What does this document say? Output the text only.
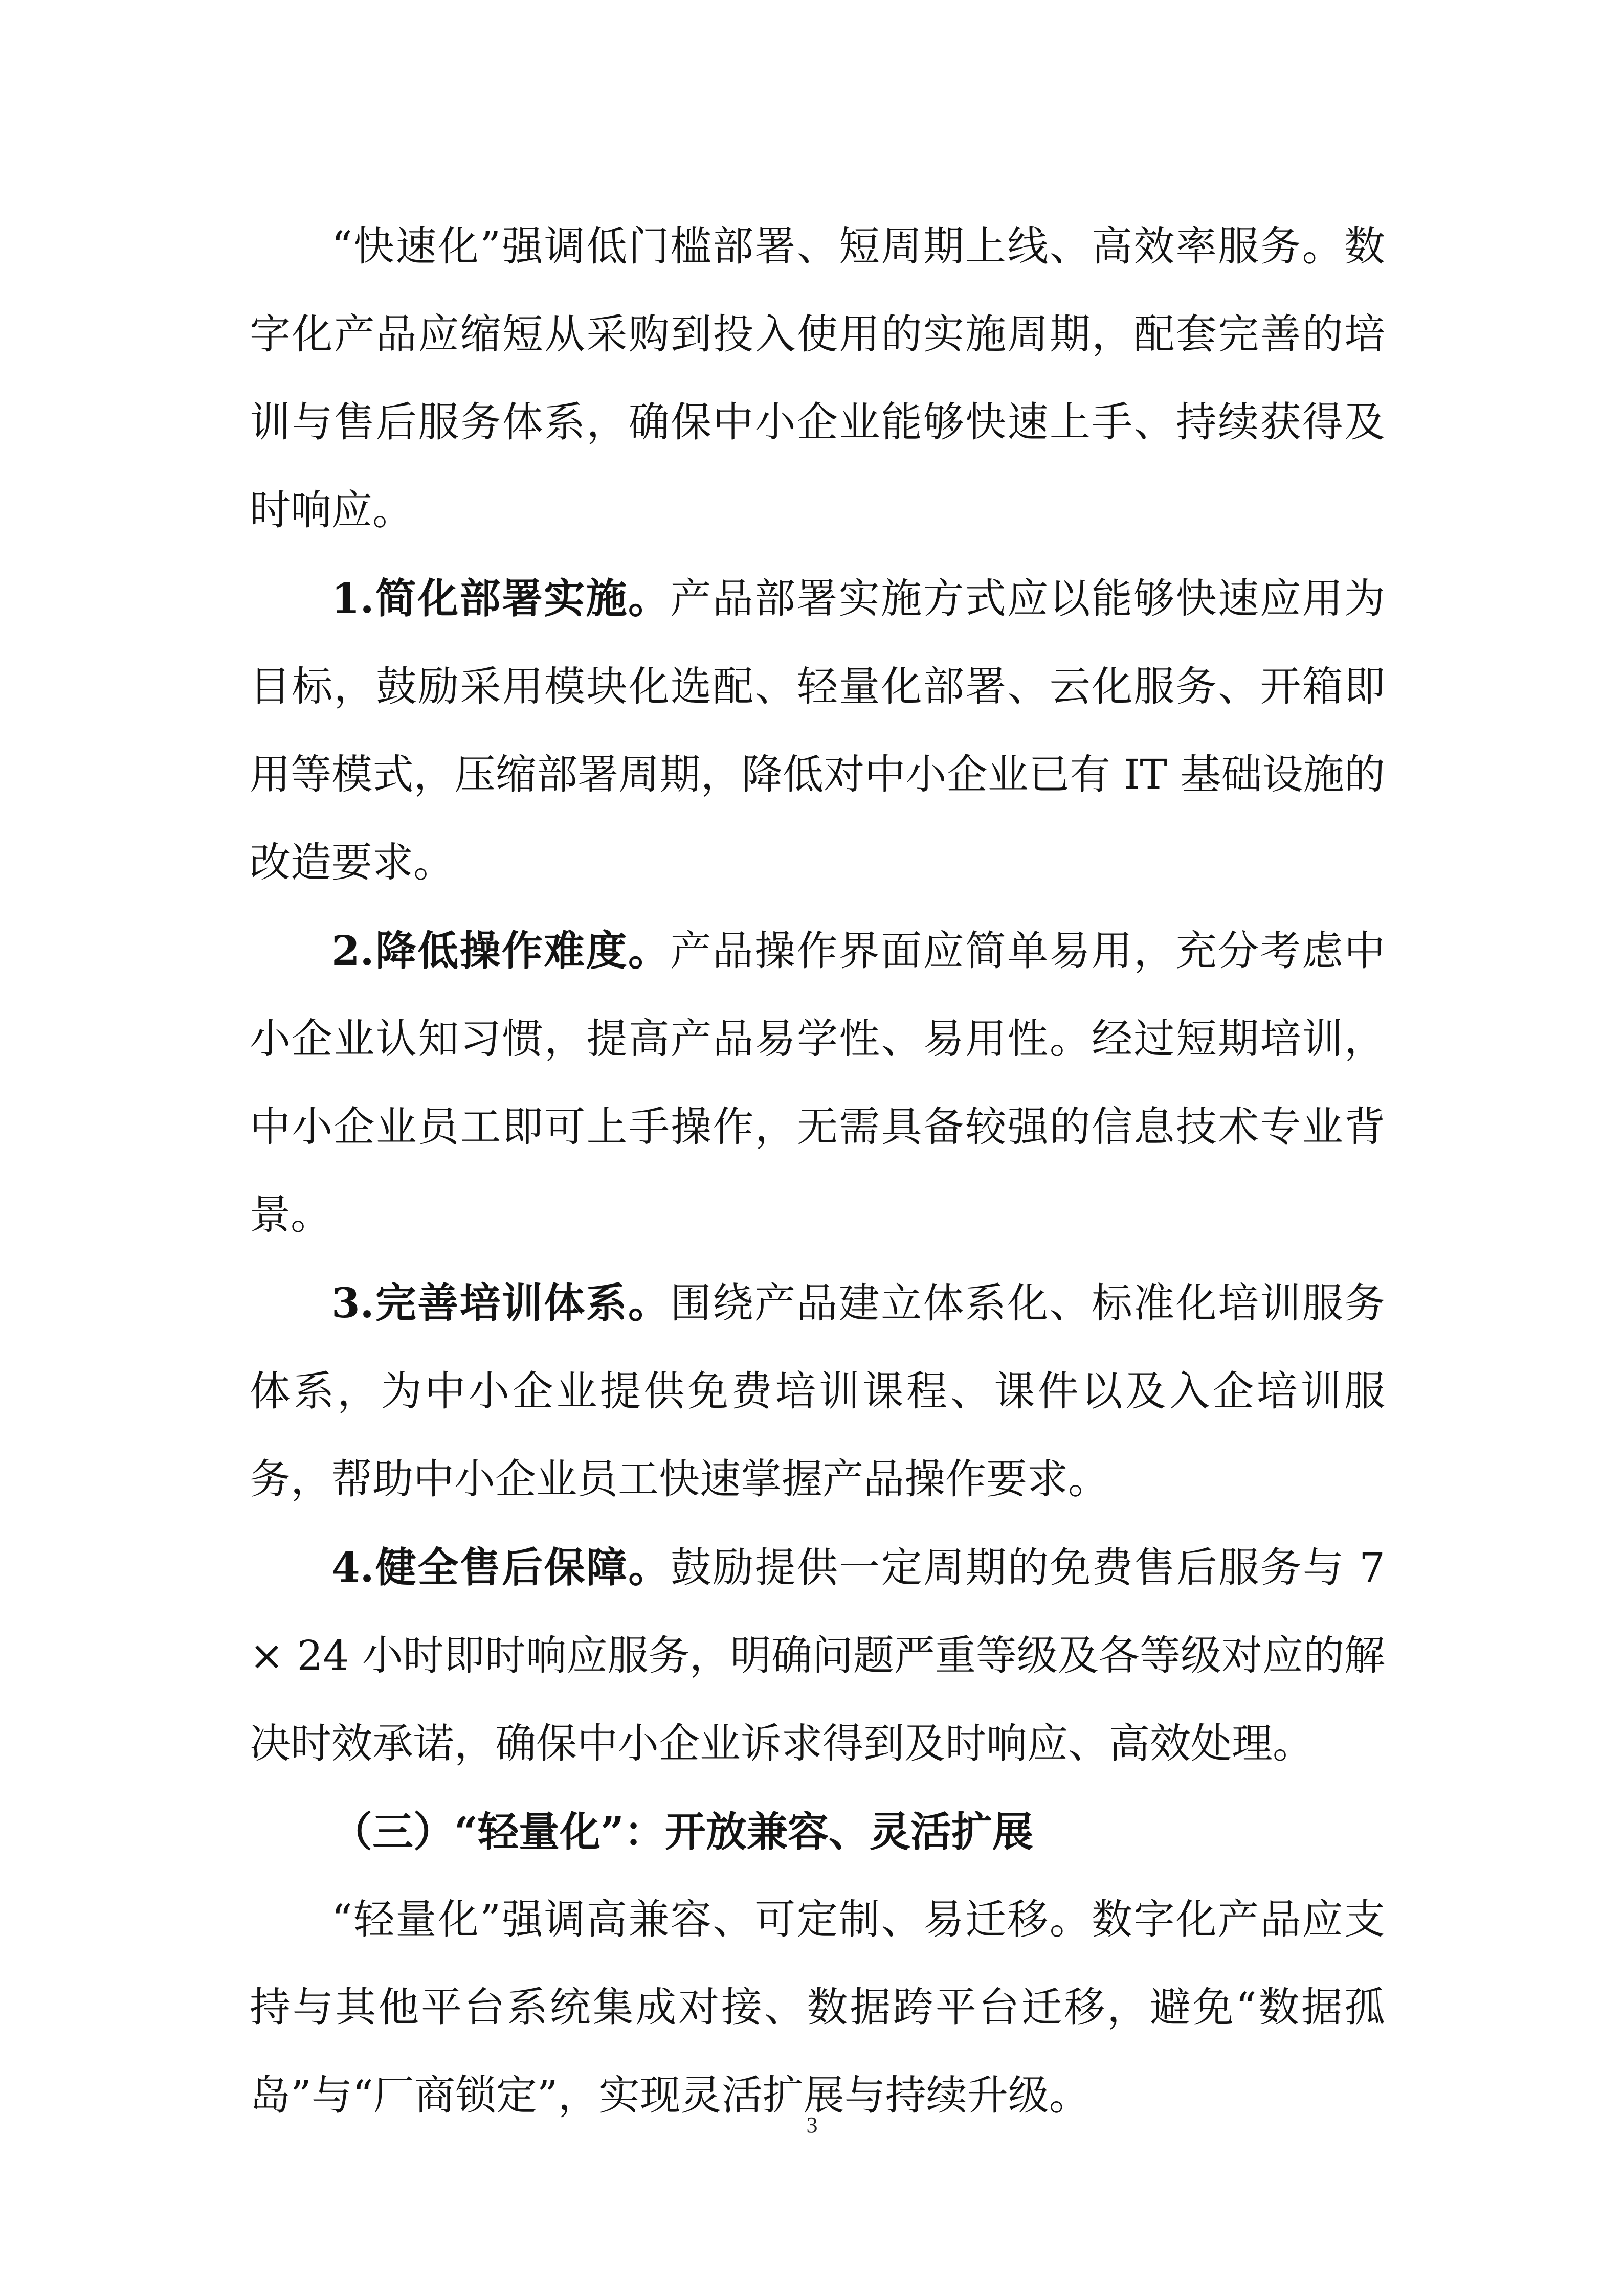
“快速化”强调低门槛部署、短周期上线、高效率服务。数字化产品应缩短从采购到投入使用的实施周期，配套完善的培训与售后服务体系，确保中小企业能够快速上手、持续获得及时响应。

1.简化部署实施。产品部署实施方式应以能够快速应用为目标，鼓励采用模块化选配、轻量化部署、云化服务、开箱即用等模式，压缩部署周期，降低对中小企业已有 IT 基础设施的改造要求。

2.降低操作难度。产品操作界面应简单易用，充分考虑中小企业认知习惯，提高产品易学性、易用性。经过短期培训，中小企业员工即可上手操作，无需具备较强的信息技术专业背景。

3.完善培训体系。围绕产品建立体系化、标准化培训服务体系，为中小企业提供免费培训课程、课件以及入企培训服务，帮助中小企业员工快速掌握产品操作要求。

4.健全售后保障。鼓励提供一定周期的免费售后服务与 7 × 24 小时即时响应服务，明确问题严重等级及各等级对应的解决时效承诺，确保中小企业诉求得到及时响应、高效处理。

（三）“轻量化”：开放兼容、灵活扩展

“轻量化”强调高兼容、可定制、易迁移。数字化产品应支持与其他平台系统集成对接、数据跨平台迁移，避免“数据孤岛”与“厂商锁定”，实现灵活扩展与持续升级。

3
